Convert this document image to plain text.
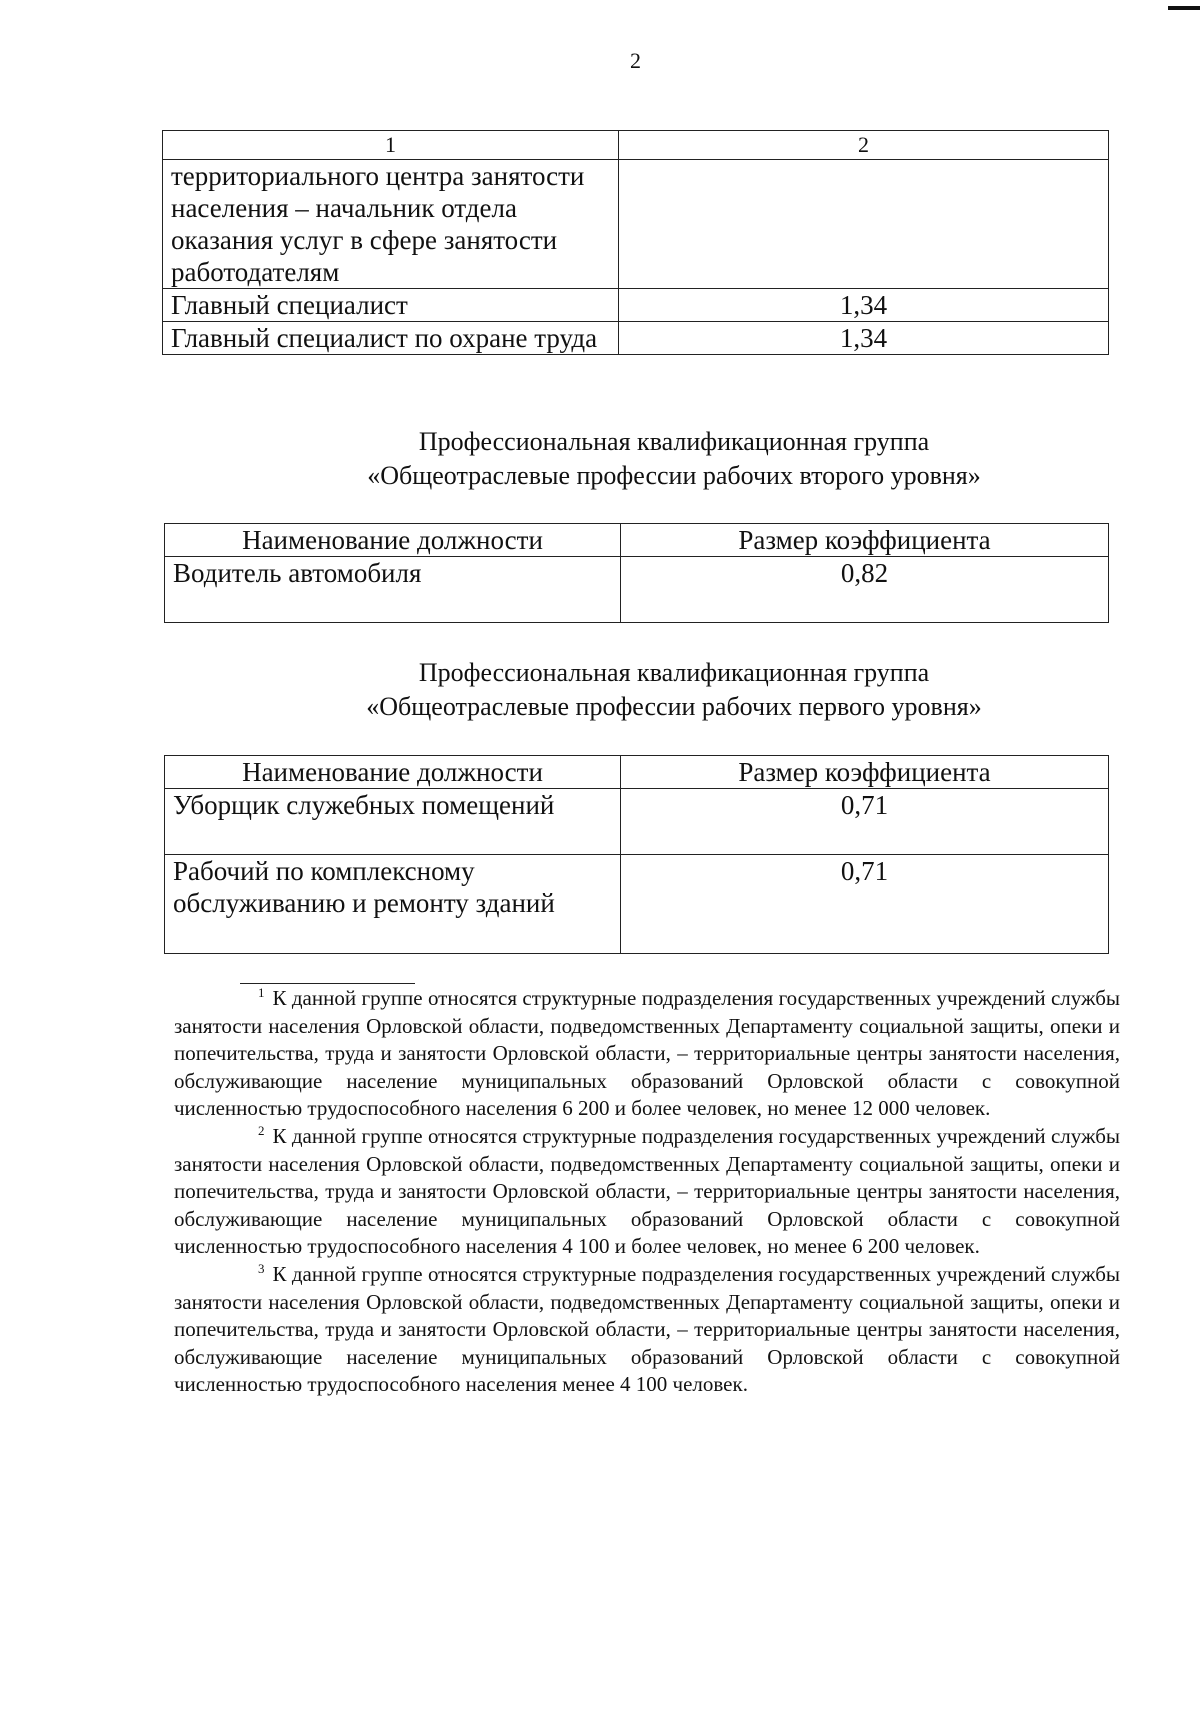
2
1	2
территориального центра занятости населения – начальник отдела оказания услуг в сфере занятости работодателям	
Главный специалист	1,34
Главный специалист по охране труда	1,34
Профессиональная квалификационная группа
«Общеотраслевые профессии рабочих второго уровня»
Наименование должности	Размер коэффициента
Водитель автомобиля	0,82
Профессиональная квалификационная группа
«Общеотраслевые профессии рабочих первого уровня»
Наименование должности	Размер коэффициента
Уборщик служебных помещений	0,71
Рабочий по комплексному обслуживанию и ремонту зданий	0,71

$^1$ К данной группе относятся структурные подразделения государственных учреждений службы занятости населения Орловской области, подведомственных Департаменту социальной защиты, опеки и попечительства, труда и занятости Орловской области, – территориальные центры занятости населения, обслуживающие население муниципальных образований Орловской области с совокупной численностью трудоспособного населения 6 200 и более человек, но менее 12 000 человек.

$^2$ К данной группе относятся структурные подразделения государственных учреждений службы занятости населения Орловской области, подведомственных Департаменту социальной защиты, опеки и попечительства, труда и занятости Орловской области, – территориальные центры занятости населения, обслуживающие население муниципальных образований Орловской области с совокупной численностью трудоспособного населения 4 100 и более человек, но менее 6 200 человек.

$^3$ К данной группе относятся структурные подразделения государственных учреждений службы занятости населения Орловской области, подведомственных Департаменту социальной защиты, опеки и попечительства, труда и занятости Орловской области, – территориальные центры занятости населения, обслуживающие население муниципальных образований Орловской области с совокупной численностью трудоспособного населения менее 4 100 человек.
